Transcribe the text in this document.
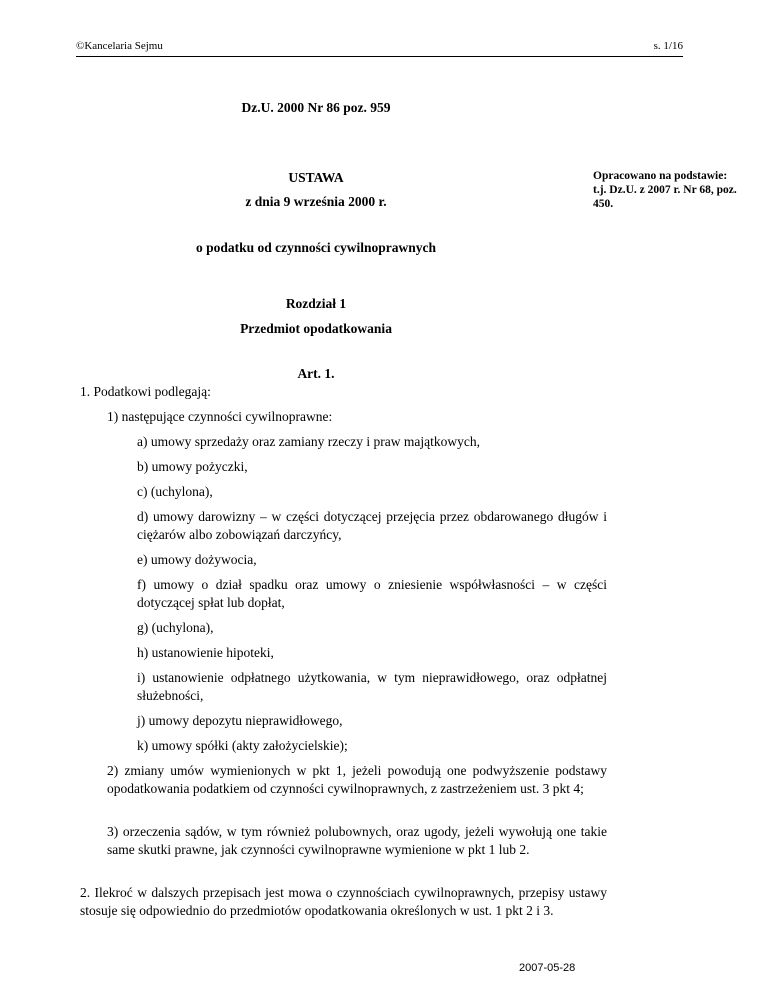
©Kancelaria Sejmu	s. 1/16
Dz.U. 2000 Nr 86 poz. 959
USTAWA
z dnia 9 września 2000 r.
o podatku od czynności cywilnoprawnych
Rozdział 1
Przedmiot opodatkowania
Art. 1.
Opracowano na podstawie: t.j. Dz.U. z 2007 r. Nr 68, poz. 450.
1. Podatkowi podlegają:
1) następujące czynności cywilnoprawne:
a) umowy sprzedaży oraz zamiany rzeczy i praw majątkowych,
b) umowy pożyczki,
c) (uchylona),
d) umowy darowizny – w części dotyczącej przejęcia przez obdarowanego długów i ciężarów albo zobowiązań darczyńcy,
e) umowy dożywocia,
f) umowy o dział spadku oraz umowy o zniesienie współwłasności – w części dotyczącej spłat lub dopłat,
g) (uchylona),
h) ustanowienie hipoteki,
i) ustanowienie odpłatnego użytkowania, w tym nieprawidłowego, oraz odpłatnej służebności,
j) umowy depozytu nieprawidłowego,
k) umowy spółki (akty założycielskie);
2) zmiany umów wymienionych w pkt 1, jeżeli powodują one podwyższenie podstawy opodatkowania podatkiem od czynności cywilnoprawnych, z zastrzeżeniem ust. 3 pkt 4;
3) orzeczenia sądów, w tym również polubownych, oraz ugody, jeżeli wywołują one takie same skutki prawne, jak czynności cywilnoprawne wymienione w pkt 1 lub 2.
2. Ilekroć w dalszych przepisach jest mowa o czynnościach cywilnoprawnych, przepisy ustawy stosuje się odpowiednio do przedmiotów opodatkowania określonych w ust. 1 pkt 2 i 3.
2007-05-28
